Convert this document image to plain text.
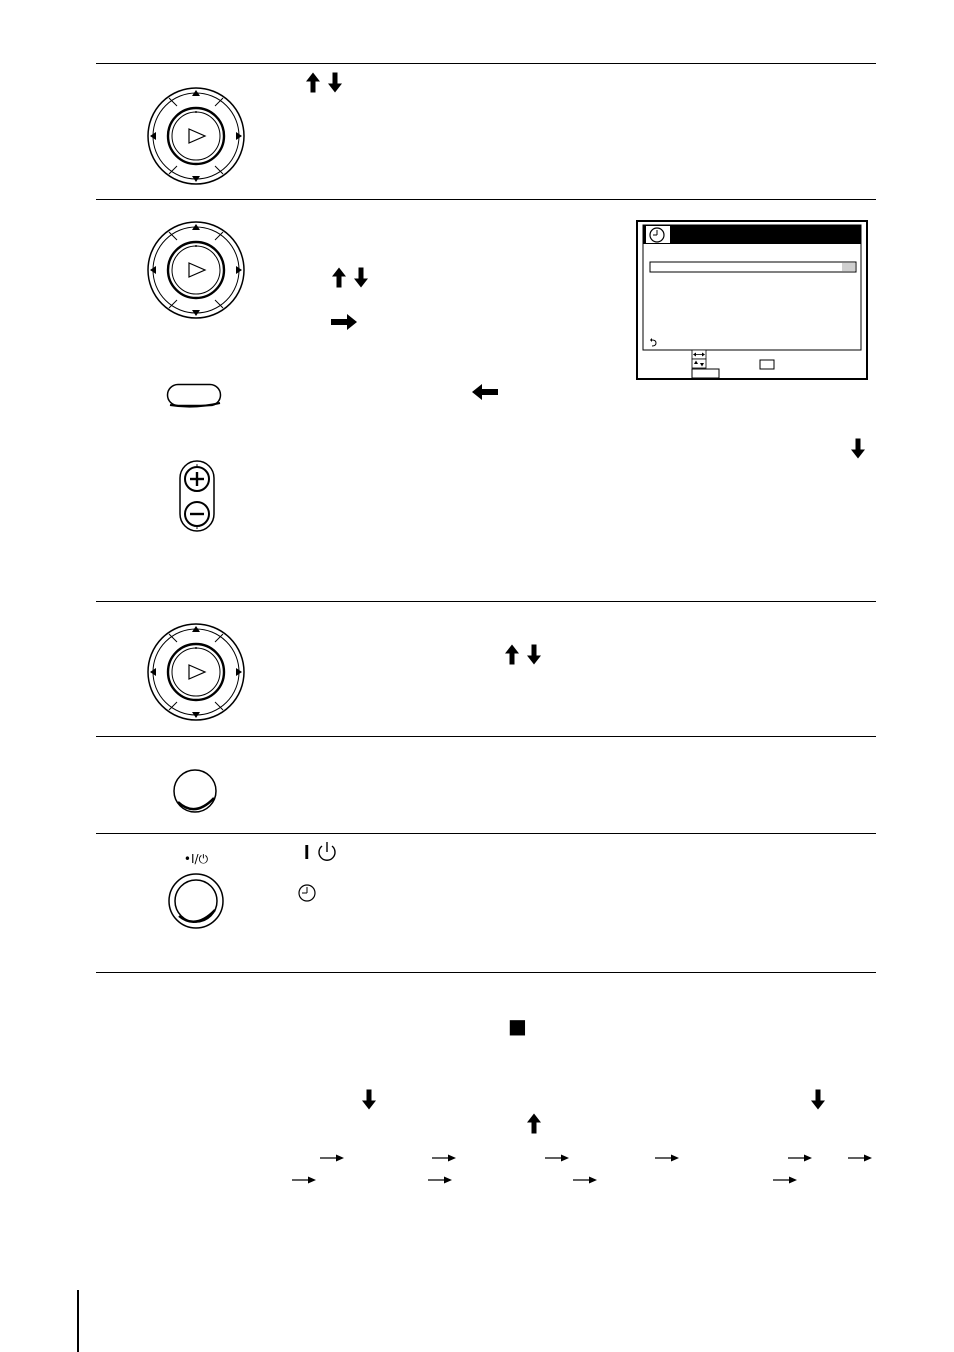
•I/⏻	I
■
